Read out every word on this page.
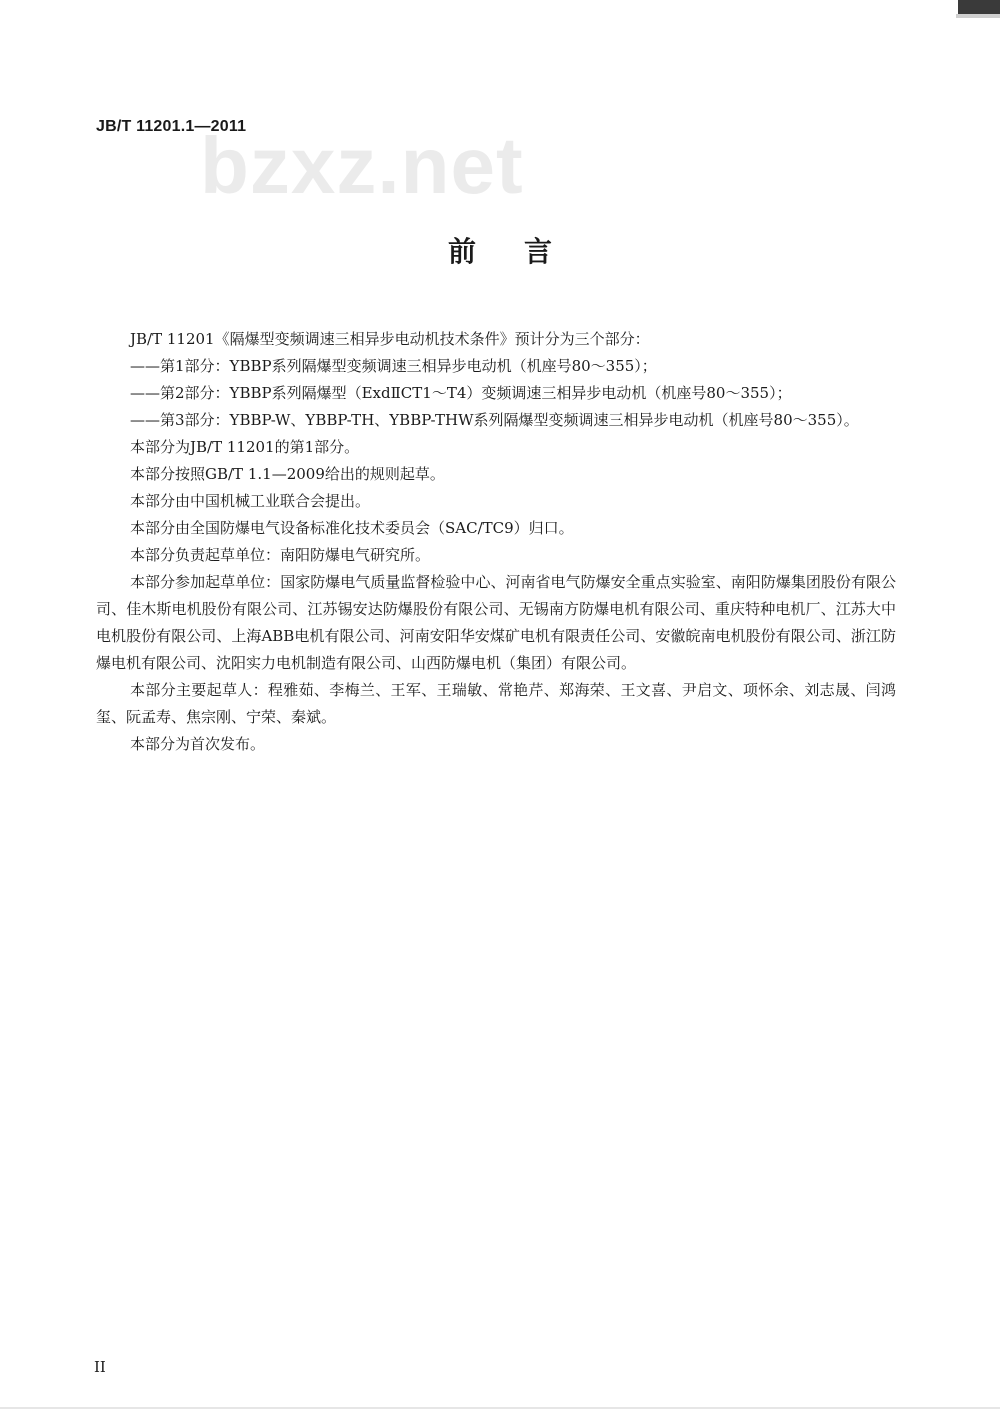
JB/T 11201.1—2011
bzxz.net
前言

JB/T 11201《隔爆型变频调速三相异步电动机技术条件》预计分为三个部分：

——第1部分：YBBP系列隔爆型变频调速三相异步电动机（机座号80～355）；

——第2部分：YBBP系列隔爆型（ExdⅡCT1～T4）变频调速三相异步电动机（机座号80～355）；

——第3部分：YBBP-W、YBBP-TH、YBBP-THW系列隔爆型变频调速三相异步电动机（机座号80～355）。

本部分为JB/T 11201的第1部分。

本部分按照GB/T 1.1—2009给出的规则起草。

本部分由中国机械工业联合会提出。

本部分由全国防爆电气设备标准化技术委员会（SAC/TC9）归口。

本部分负责起草单位：南阳防爆电气研究所。

本部分参加起草单位：国家防爆电气质量监督检验中心、河南省电气防爆安全重点实验室、南阳防爆集团股份有限公司、佳木斯电机股份有限公司、江苏锡安达防爆股份有限公司、无锡南方防爆电机有限公司、重庆特种电机厂、江苏大中电机股份有限公司、上海ABB电机有限公司、河南安阳华安煤矿电机有限责任公司、安徽皖南电机股份有限公司、浙江防爆电机有限公司、沈阳实力电机制造有限公司、山西防爆电机（集团）有限公司。

本部分主要起草人：程雅茹、李梅兰、王军、王瑞敏、常艳芹、郑海荣、王文喜、尹启文、项怀余、刘志晟、闫鸿玺、阮孟寿、焦宗刚、宁荣、秦斌。

本部分为首次发布。

II
